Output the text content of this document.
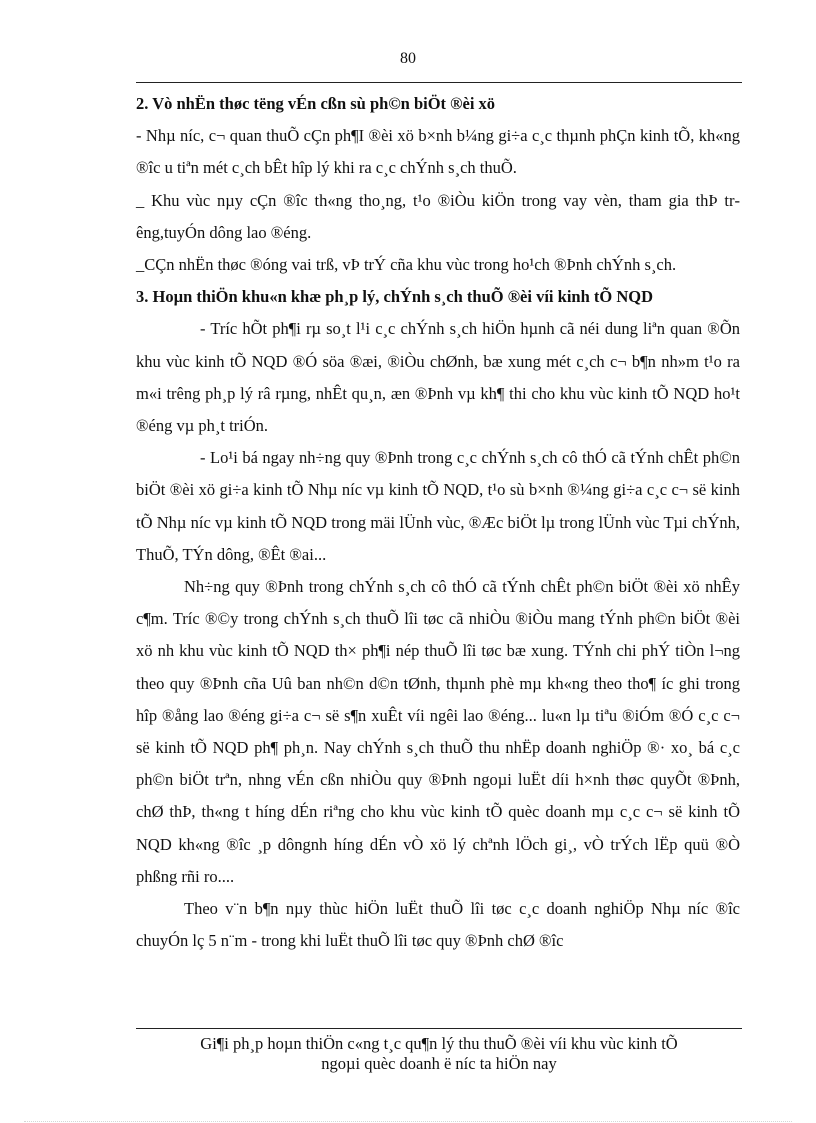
80

2. Vò nhËn thøc tëng vÉn cßn sù ph©n biÖt ®èi xö

- Nhµ níc, c¬ quan thuÕ cÇn ph¶I ®èi xö b×nh b¼ng gi÷a c¸c thµnh phÇn kinh tÕ, kh«ng ®îc u tiªn mét c¸ch bÊt hîp lý khi ra c¸c chÝnh s¸ch thuÕ.

_ Khu vùc nµy cÇn ®îc th«ng tho¸ng, t¹o ®iÒu kiÖn trong vay vèn, tham gia thÞ trêng,tuyÓn dông lao ®éng.

_CÇn nhËn thøc ®óng vai trß, vÞ trÝ cña khu vùc trong ho¹ch ®Þnh chÝnh s¸ch.

3. Hoµn thiÖn khu«n khæ ph¸p lý, chÝnh s¸ch thuÕ ®èi víi kinh tÕ NQD

- Tríc hÕt ph¶i rµ so¸t l¹i c¸c chÝnh s¸ch hiÖn hµnh cã néi dung liªn quan ®Õn khu vùc kinh tÕ NQD ®Ó söa ®æi, ®iÒu chØnh, bæ xung mét c¸ch c¬ b¶n nh»m t¹o ra m«i trêng ph¸p lý râ rµng, nhÊt qu¸n, æn ®Þnh vµ kh¶ thi cho khu vùc kinh tÕ NQD ho¹t ®éng vµ ph¸t triÓn.

- Lo¹i bá ngay nh÷ng quy ®Þnh trong c¸c chÝnh s¸ch cô thÓ cã tÝnh chÊt ph©n biÖt ®èi xö gi÷a kinh tÕ Nhµ níc vµ kinh tÕ NQD, t¹o sù b×nh ®¼ng gi÷a c¸c c¬ së kinh tÕ Nhµ níc vµ kinh tÕ NQD trong mäi lÜnh vùc, ®Æc biÖt lµ trong lÜnh vùc Tµi chÝnh, ThuÕ, TÝn dông, ®Êt ®ai...

Nh÷ng quy ®Þnh trong chÝnh s¸ch cô thÓ cã tÝnh chÊt ph©n biÖt ®èi xö nhÊy c¶m. Tríc ®©y trong chÝnh s¸ch thuÕ lîi tøc cã nhiÒu ®iÒu mang tÝnh ph©n biÖt ®èi xö nh khu vùc kinh tÕ NQD th× ph¶i nép thuÕ lîi tøc bæ xung. TÝnh chi phÝ tiÒn l¬ng theo quy ®Þnh cña Uû ban nh©n d©n tØnh, thµnh phè mµ kh«ng theo tho¶ íc ghi trong hîp ®ång lao ®éng gi÷a c¬ së s¶n xuÊt víi ngêi lao ®éng... lu«n lµ tiªu ®iÓm ®Ó c¸c c¬ së kinh tÕ NQD ph¶ ph¸n. Nay chÝnh s¸ch thuÕ thu nhËp doanh nghiÖp ®· xo¸ bá c¸c ph©n biÖt trªn, nhng vÉn cßn nhiÒu quy ®Þnh ngoµi luËt díi h×nh thøc quyÕt ®Þnh, chØ thÞ, th«ng t híng dÉn riªng cho khu vùc kinh tÕ quèc doanh mµ c¸c c¬ së kinh tÕ NQD kh«ng ®îc ¸p dôngnh híng dÉn vÒ xö lý chªnh lÖch gi¸, vÒ trÝch lËp quü ®Ò phßng rñi ro....

Theo v¨n b¶n nµy thùc hiÖn luËt thuÕ lîi tøc c¸c doanh nghiÖp Nhµ níc ®îc chuyÓn lç 5 n¨m - trong khi luËt thuÕ lîi tøc quy ®Þnh chØ ®îc

Gi¶i ph¸p hoµn thiÖn c«ng t¸c qu¶n lý thu thuÕ ®èi víi khu vùc kinh tÕ
ngoµi quèc doanh ë níc ta hiÖn nay
